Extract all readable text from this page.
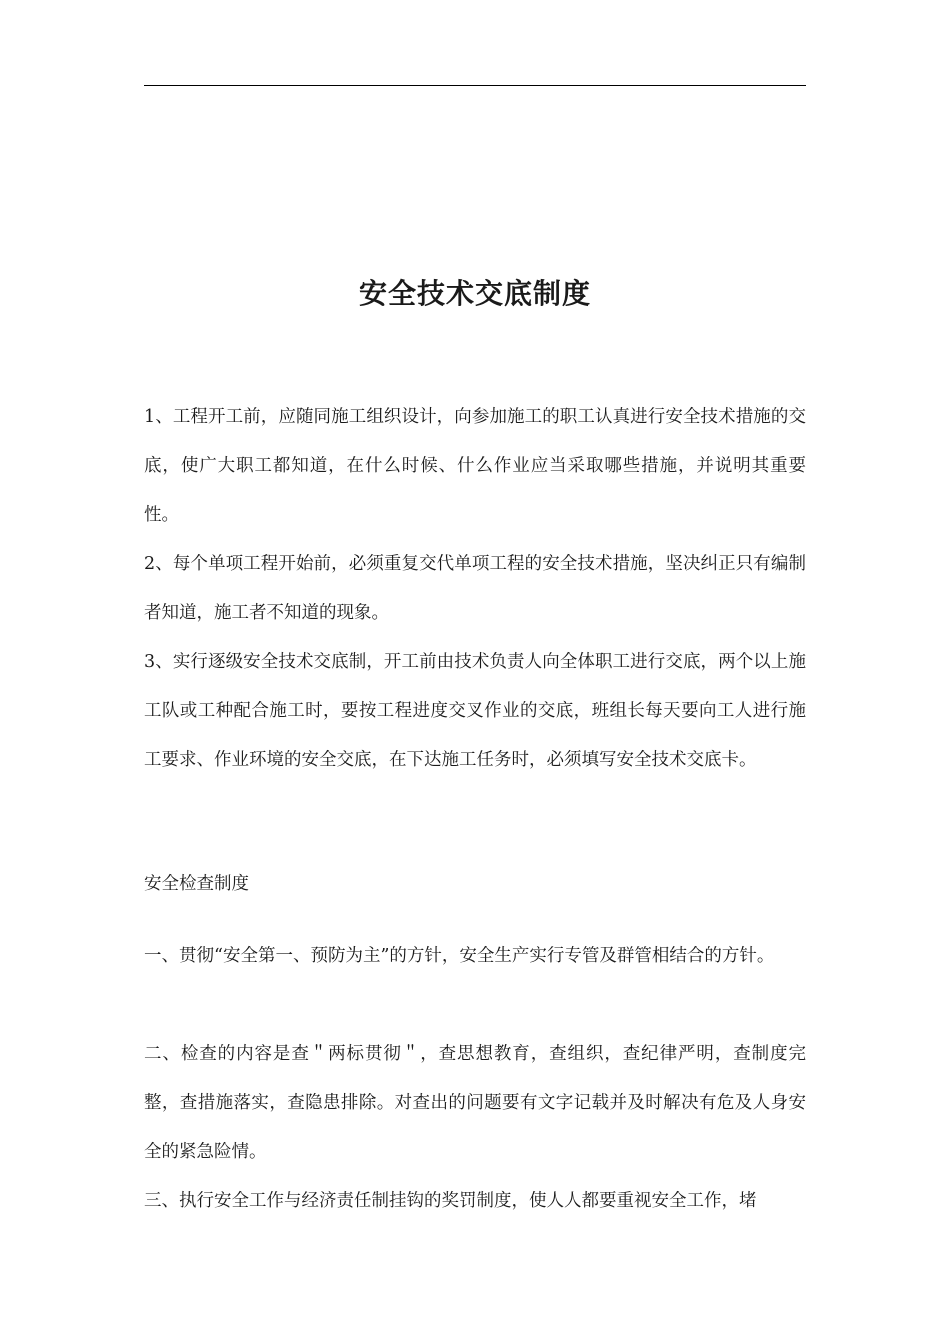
安全技术交底制度

1、工程开工前，应随同施工组织设计，向参加施工的职工认真进行安全技术措施的交底，使广大职工都知道，在什么时候、什么作业应当采取哪些措施，并说明其重要性。

2、每个单项工程开始前，必须重复交代单项工程的安全技术措施，坚决纠正只有编制者知道，施工者不知道的现象。

3、实行逐级安全技术交底制，开工前由技术负责人向全体职工进行交底，两个以上施工队或工种配合施工时，要按工程进度交叉作业的交底，班组长每天要向工人进行施工要求、作业环境的安全交底，在下达施工任务时，必须填写安全技术交底卡。

安全检查制度

一、贯彻“安全第一、预防为主”的方针，安全生产实行专管及群管相结合的方针。

二、检查的内容是查＂两标贯彻＂，查思想教育，查组织，查纪律严明，查制度完整，查措施落实，查隐患排除。对查出的问题要有文字记载并及时解决有危及人身安全的紧急险情。

三、执行安全工作与经济责任制挂钩的奖罚制度，使人人都要重视安全工作，堵
